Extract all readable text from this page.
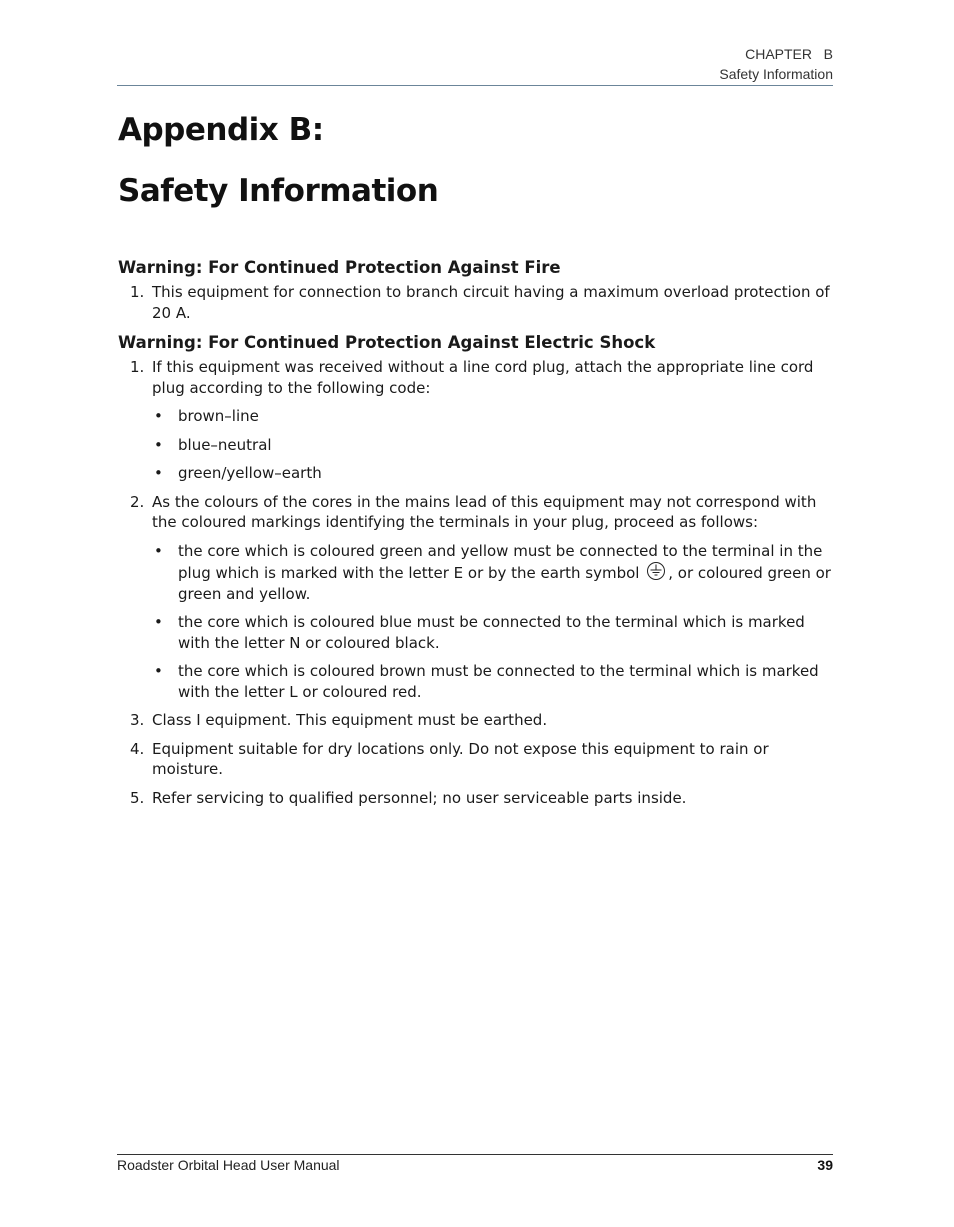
CHAPTER   B
Safety Information
Appendix B:
Safety Information
Warning: For Continued Protection Against Fire
1. This equipment for connection to branch circuit having a maximum overload protection of 20 A.
Warning: For Continued Protection Against Electric Shock
1. If this equipment was received without a line cord plug, attach the appropriate line cord plug according to the following code:
• brown–line
• blue–neutral
• green/yellow–earth
2. As the colours of the cores in the mains lead of this equipment may not correspond with the coloured markings identifying the terminals in your plug, proceed as follows:
• the core which is coloured green and yellow must be connected to the terminal in the plug which is marked with the letter E or by the earth symbol , or coloured green or green and yellow.
• the core which is coloured blue must be connected to the terminal which is marked with the letter N or coloured black.
• the core which is coloured brown must be connected to the terminal which is marked with the letter L or coloured red.
3. Class I equipment. This equipment must be earthed.
4. Equipment suitable for dry locations only. Do not expose this equipment to rain or moisture.
5. Refer servicing to qualified personnel; no user serviceable parts inside.
Roadster Orbital Head User Manual	39
